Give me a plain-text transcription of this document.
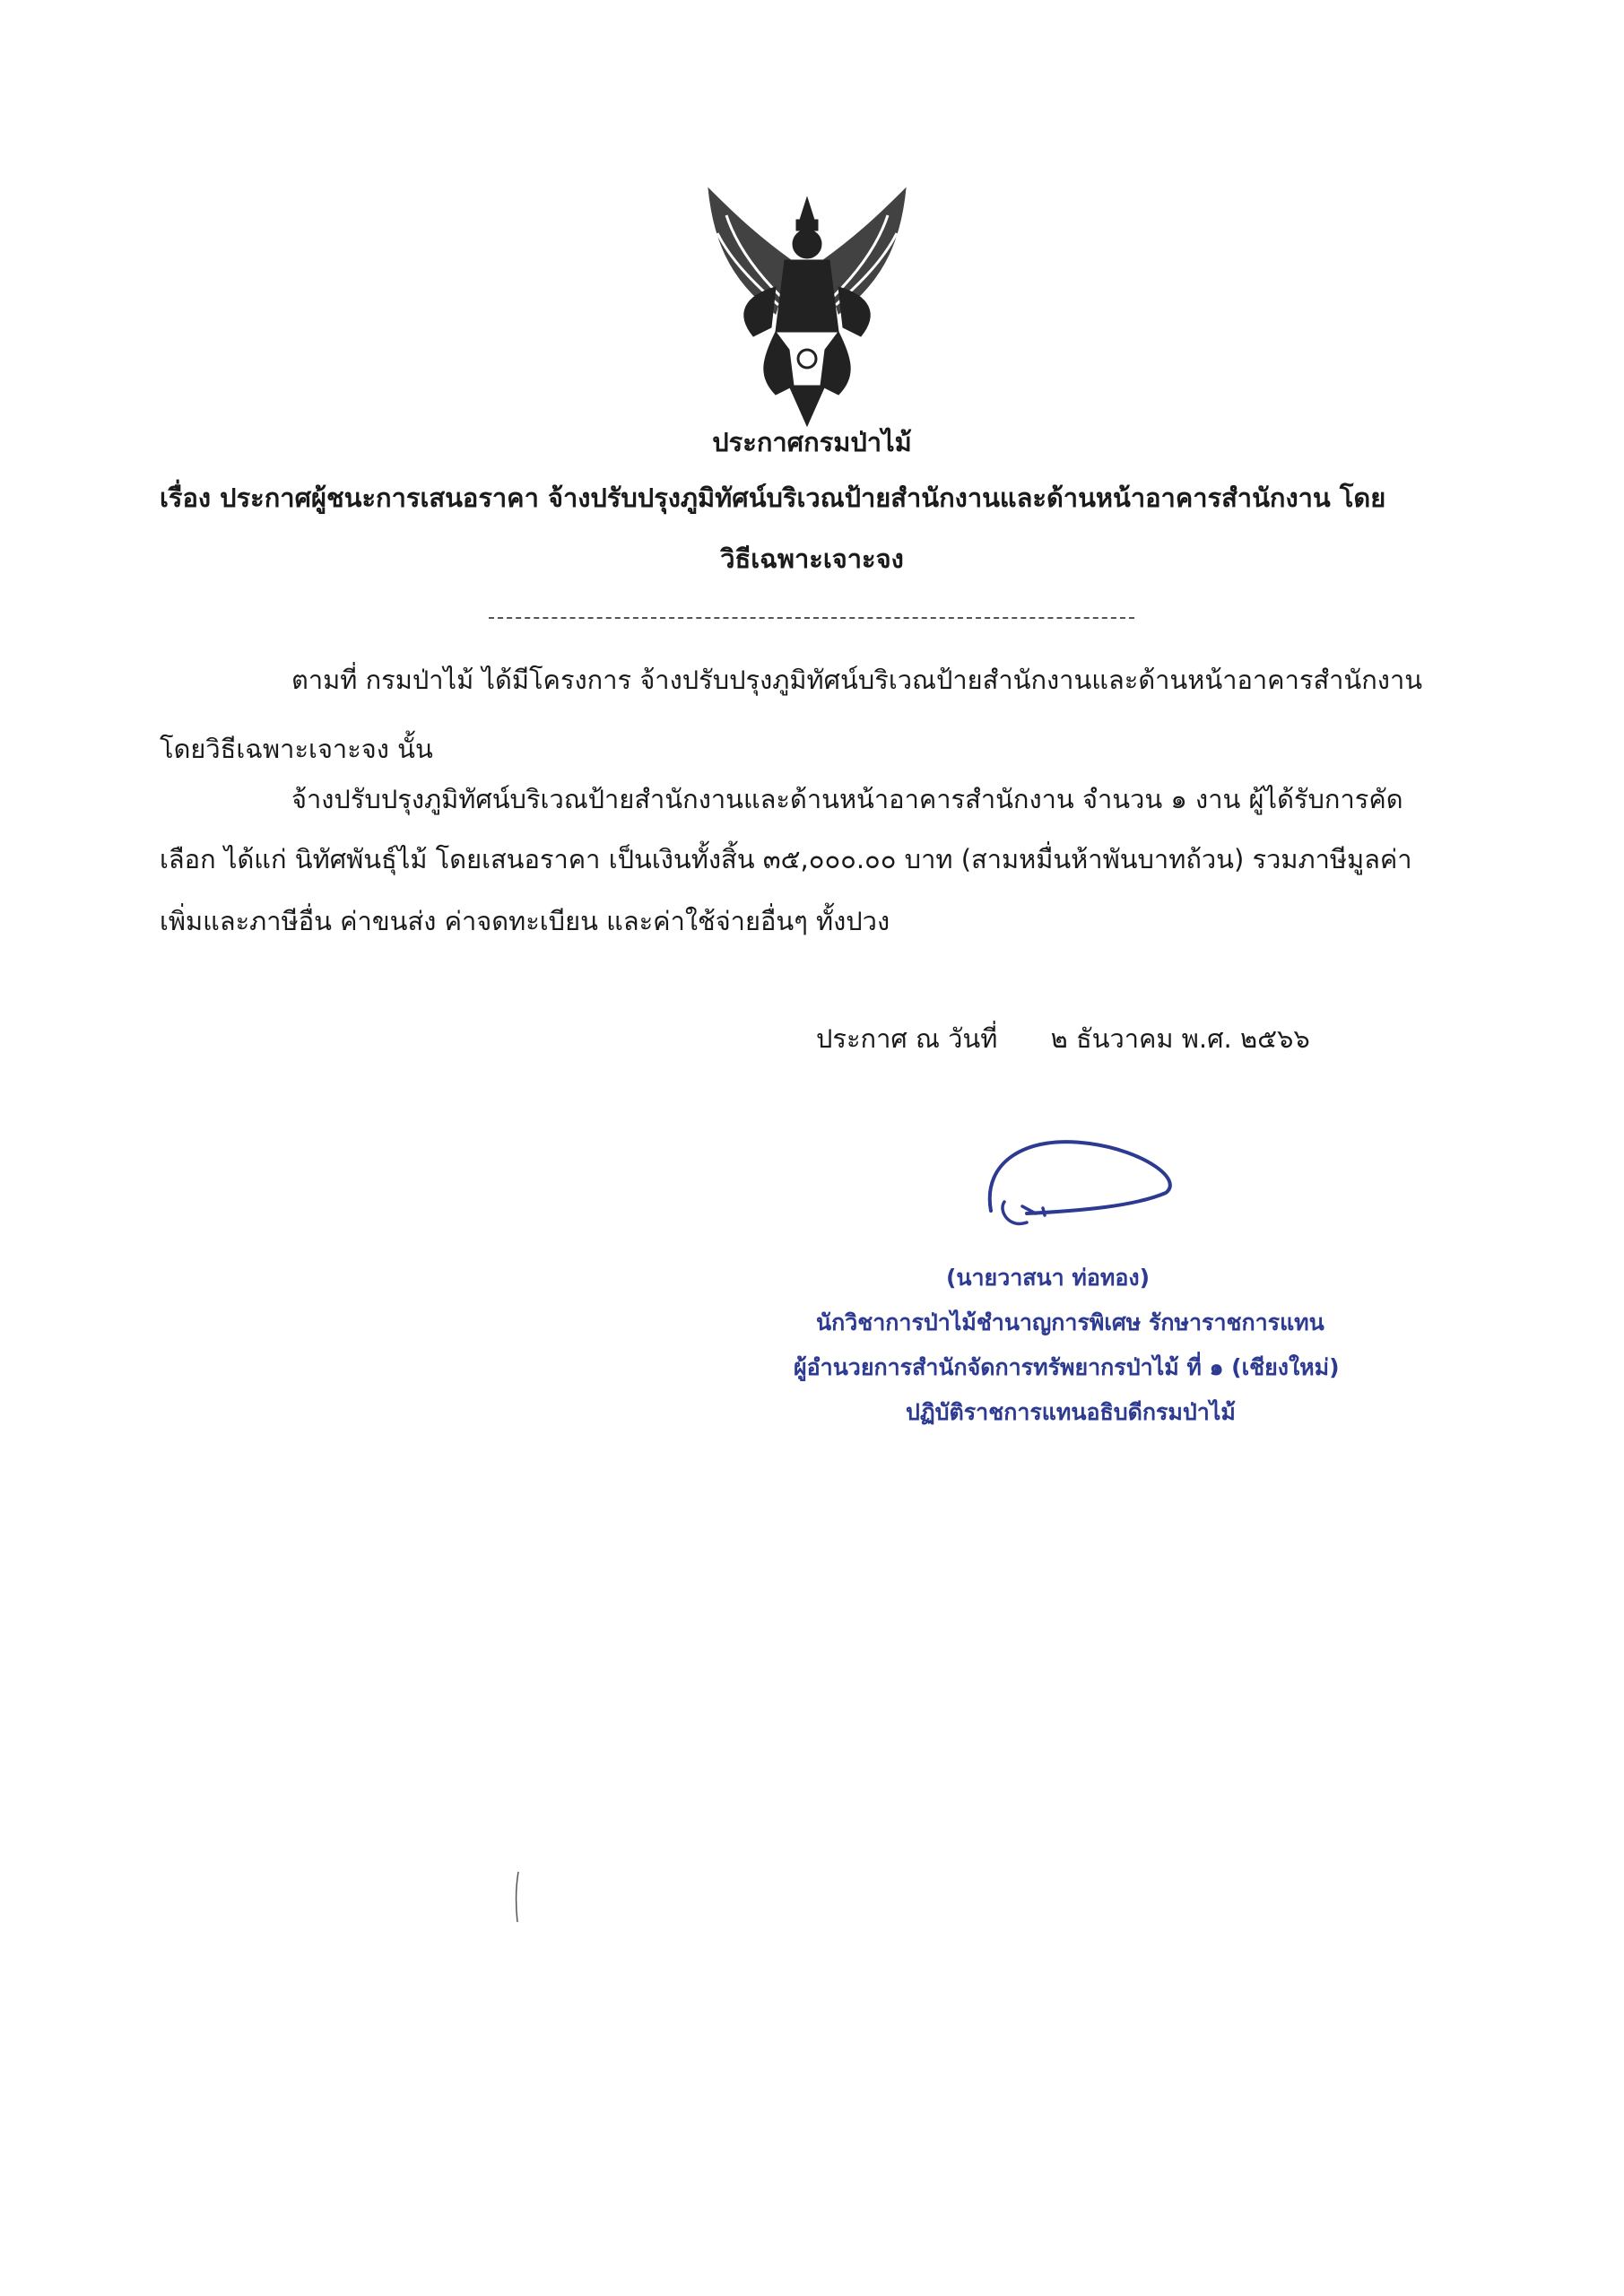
ประกาศกรมป่าไม้
เรื่อง ประกาศผู้ชนะการเสนอราคา จ้างปรับปรุงภูมิทัศน์บริเวณป้ายสำนักงานและด้านหน้าอาคารสำนักงาน โดย
วิธีเฉพาะเจาะจง
ตามที่ กรมป่าไม้ ได้มีโครงการ จ้างปรับปรุงภูมิทัศน์บริเวณป้ายสำนักงานและด้านหน้าอาคารสำนักงาน
โดยวิธีเฉพาะเจาะจง นั้น
จ้างปรับปรุงภูมิทัศน์บริเวณป้ายสำนักงานและด้านหน้าอาคารสำนักงาน จำนวน ๑ งาน ผู้ได้รับการคัด
เลือก ได้แก่ นิทัศพันธุ์ไม้ โดยเสนอราคา เป็นเงินทั้งสิ้น ๓๕,๐๐๐.๐๐ บาท (สามหมื่นห้าพันบาทถ้วน) รวมภาษีมูลค่า
เพิ่มและภาษีอื่น ค่าขนส่ง ค่าจดทะเบียน และค่าใช้จ่ายอื่นๆ ทั้งปวง
ประกาศ ณ วันที่ ๒ ธันวาคม พ.ศ. ๒๕๖๖
(นายวาสนา ท่อทอง)
นักวิชาการป่าไม้ชำนาญการพิเศษ รักษาราชการแทน
ผู้อำนวยการสำนักจัดการทรัพยากรป่าไม้ ที่ ๑ (เชียงใหม่)
ปฏิบัติราชการแทนอธิบดีกรมป่าไม้
